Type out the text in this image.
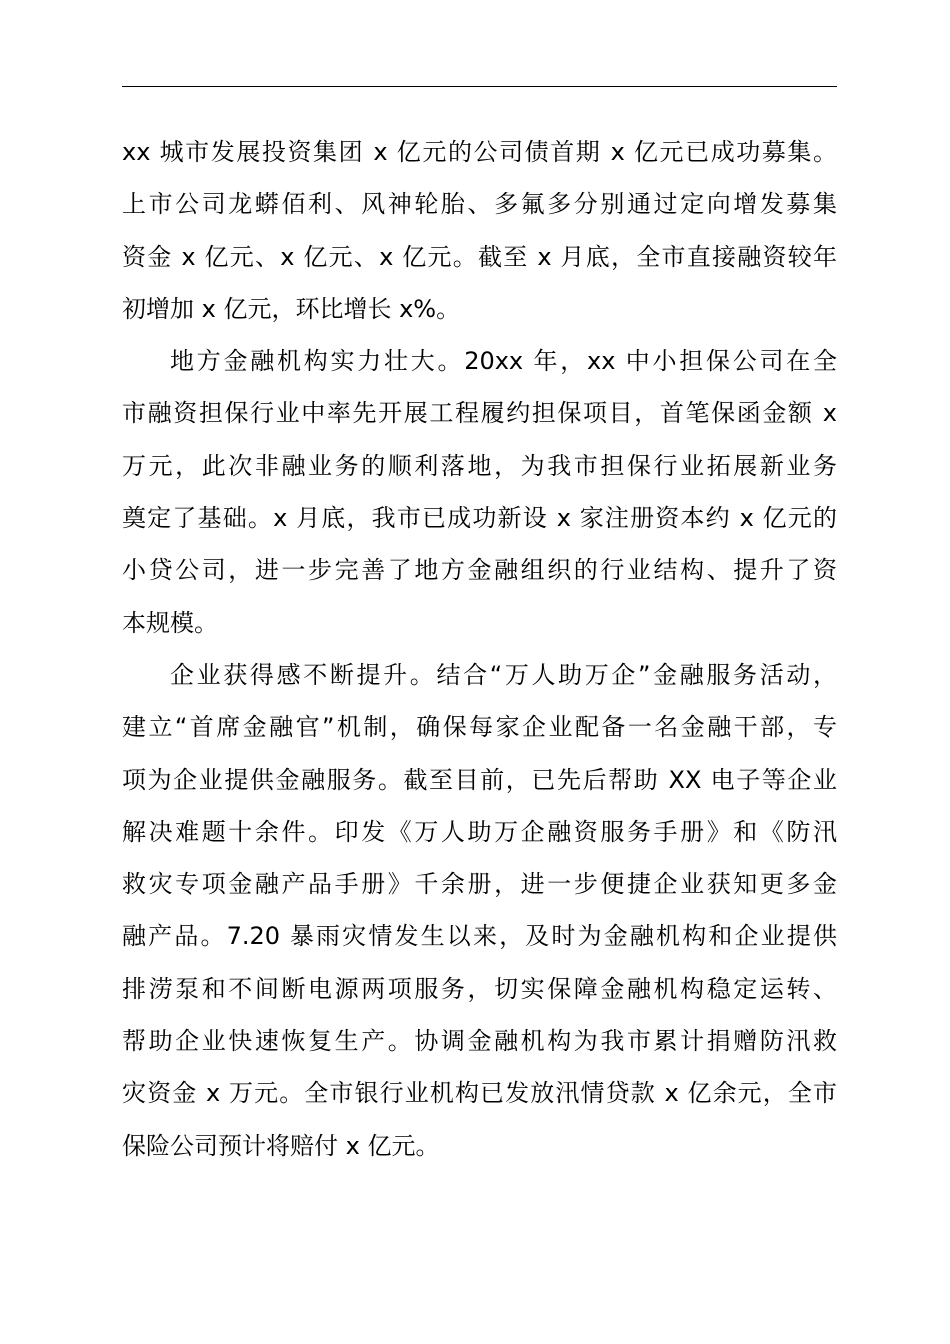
xx 城市发展投资集团 x 亿元的公司债首期 x 亿元已成功募集。
上市公司龙蟒佰利、风神轮胎、多氟多分别通过定向增发募集
资金 x 亿元、x 亿元、x 亿元。截至 x 月底，全市直接融资较年
初增加 x 亿元，环比增长 x%。
地方金融机构实力壮大。20xx 年，xx 中小担保公司在全
市融资担保行业中率先开展工程履约担保项目，首笔保函金额 x
万元，此次非融业务的顺利落地，为我市担保行业拓展新业务
奠定了基础。x 月底，我市已成功新设 x 家注册资本约 x 亿元的
小贷公司，进一步完善了地方金融组织的行业结构、提升了资
本规模。
企业获得感不断提升。结合“万人助万企”金融服务活动，
建立“首席金融官”机制，确保每家企业配备一名金融干部，专
项为企业提供金融服务。截至目前，已先后帮助 XX 电子等企业
解决难题十余件。印发《万人助万企融资服务手册》和《防汛
救灾专项金融产品手册》千余册，进一步便捷企业获知更多金
融产品。7.20 暴雨灾情发生以来，及时为金融机构和企业提供
排涝泵和不间断电源两项服务，切实保障金融机构稳定运转、
帮助企业快速恢复生产。协调金融机构为我市累计捐赠防汛救
灾资金 x 万元。全市银行业机构已发放汛情贷款 x 亿余元，全市
保险公司预计将赔付 x 亿元。
